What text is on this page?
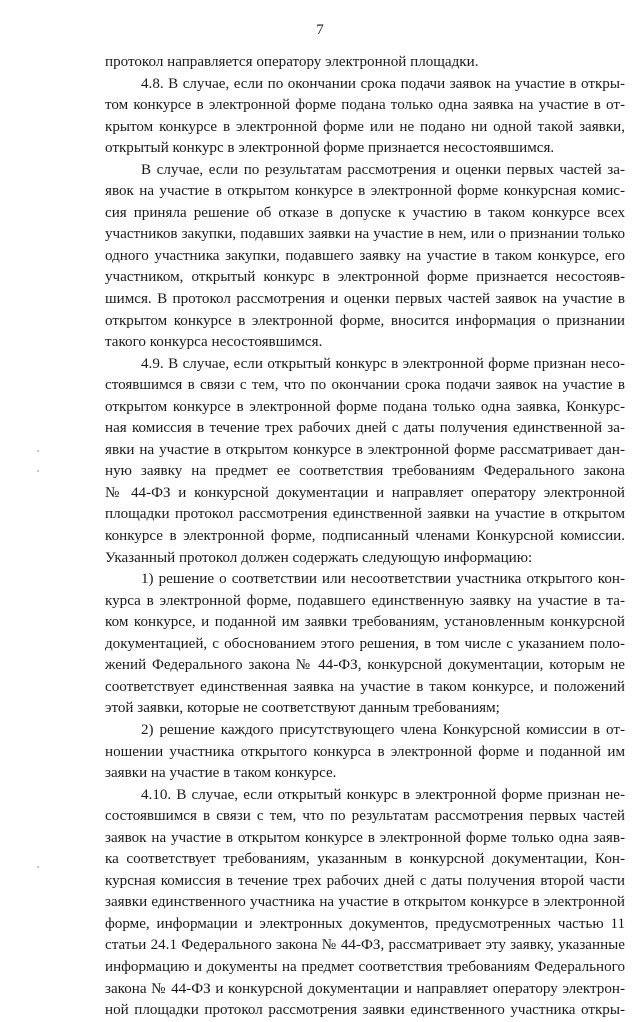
7
протокол направляется оператору электронной площадки.
4.8. В случае, если по окончании срока подачи заявок на участие в откры-
том конкурсе в электронной форме подана только одна заявка на участие в от-
крытом конкурсе в электронной форме или не подано ни одной такой заявки,
открытый конкурс в электронной форме признается несостоявшимся.
В случае, если по результатам рассмотрения и оценки первых частей за-
явок на участие в открытом конкурсе в электронной форме конкурсная комис-
сия приняла решение об отказе в допуске к участию в таком конкурсе всех
участников закупки, подавших заявки на участие в нем, или о признании только
одного участника закупки, подавшего заявку на участие в таком конкурсе, его
участником, открытый конкурс в электронной форме признается несостояв-
шимся. В протокол рассмотрения и оценки первых частей заявок на участие в
открытом конкурсе в электронной форме, вносится информация о признании
такого конкурса несостоявшимся.
4.9. В случае, если открытый конкурс в электронной форме признан несо-
стоявшимся в связи с тем, что по окончании срока подачи заявок на участие в
открытом конкурсе в электронной форме подана только одна заявка, Конкурс-
ная комиссия в течение трех рабочих дней с даты получения единственной за-
явки на участие в открытом конкурсе в электронной форме рассматривает дан-
ную заявку на предмет ее соответствия требованиям Федерального закона
№ 44-ФЗ и конкурсной документации и направляет оператору электронной
площадки протокол рассмотрения единственной заявки на участие в открытом
конкурсе в электронной форме, подписанный членами Конкурсной комиссии.
Указанный протокол должен содержать следующую информацию:
1) решение о соответствии или несоответствии участника открытого кон-
курса в электронной форме, подавшего единственную заявку на участие в та-
ком конкурсе, и поданной им заявки требованиям, установленным конкурсной
документацией, с обоснованием этого решения, в том числе с указанием поло-
жений Федерального закона № 44-ФЗ, конкурсной документации, которым не
соответствует единственная заявка на участие в таком конкурсе, и положений
этой заявки, которые не соответствуют данным требованиям;
2) решение каждого присутствующего члена Конкурсной комиссии в от-
ношении участника открытого конкурса в электронной форме и поданной им
заявки на участие в таком конкурсе.
4.10. В случае, если открытый конкурс в электронной форме признан не-
состоявшимся в связи с тем, что по результатам рассмотрения первых частей
заявок на участие в открытом конкурсе в электронной форме только одна заяв-
ка соответствует требованиям, указанным в конкурсной документации, Кон-
курсная комиссия в течение трех рабочих дней с даты получения второй части
заявки единственного участника на участие в открытом конкурсе в электронной
форме, информации и электронных документов, предусмотренных частью 11
статьи 24.1 Федерального закона № 44-ФЗ, рассматривает эту заявку, указанные
информацию и документы на предмет соответствия требованиям Федерального
закона № 44-ФЗ и конкурсной документации и направляет оператору электрон-
ной площадки протокол рассмотрения заявки единственного участника откры-
